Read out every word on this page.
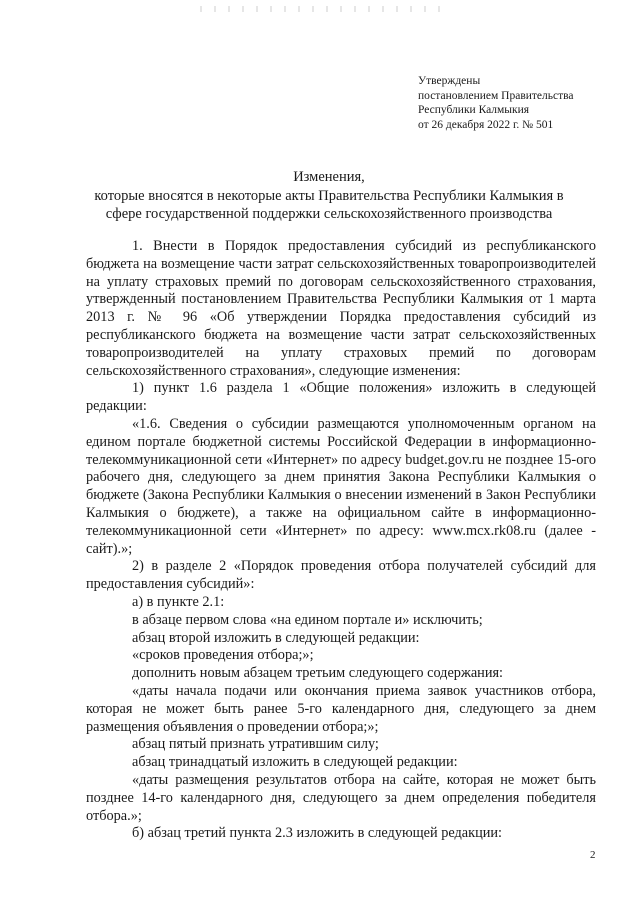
Утверждены
постановлением Правительства
Республики Калмыкия
от 26 декабря 2022 г. № 501
Изменения,
которые вносятся в некоторые акты Правительства Республики Калмыкия в
сфере государственной поддержки сельскохозяйственного производства

1. Внести в Порядок предоставления субсидий из республиканского бюджета на возмещение части затрат сельскохозяйственных товаропроизводителей на уплату страховых премий по договорам сельскохозяйственного страхования, утвержденный постановлением Правительства Республики Калмыкия от 1 марта 2013 г. № 96 «Об утверждении Порядка предоставления субсидий из республиканского бюджета на возмещение части затрат сельскохозяйственных товаропроизводителей на уплату страховых премий по договорам сельскохозяйственного страхования», следующие изменения:

1) пункт 1.6 раздела 1 «Общие положения» изложить в следующей редакции:

«1.6. Сведения о субсидии размещаются уполномоченным органом на едином портале бюджетной системы Российской Федерации в информационно-телекоммуникационной сети «Интернет» по адресу budget.gov.ru не позднее 15-ого рабочего дня, следующего за днем принятия Закона Республики Калмыкия о бюджете (Закона Республики Калмыкия о внесении изменений в Закон Республики Калмыкия о бюджете), а также на официальном сайте в информационно-телекоммуникационной сети «Интернет» по адресу: www.mcx.rk08.ru (далее - сайт).»;

2) в разделе 2 «Порядок проведения отбора получателей субсидий для предоставления субсидий»:

а) в пункте 2.1:

в абзаце первом слова «на едином портале и» исключить;

абзац второй изложить в следующей редакции:

«сроков проведения отбора;»;

дополнить новым абзацем третьим следующего содержания:

«даты начала подачи или окончания приема заявок участников отбора, которая не может быть ранее 5-го календарного дня, следующего за днем размещения объявления о проведении отбора;»;

абзац пятый признать утратившим силу;

абзац тринадцатый изложить в следующей редакции:

«даты размещения результатов отбора на сайте, которая не может быть позднее 14-го календарного дня, следующего за днем определения победителя отбора.»;

б) абзац третий пункта 2.3 изложить в следующей редакции:

2
